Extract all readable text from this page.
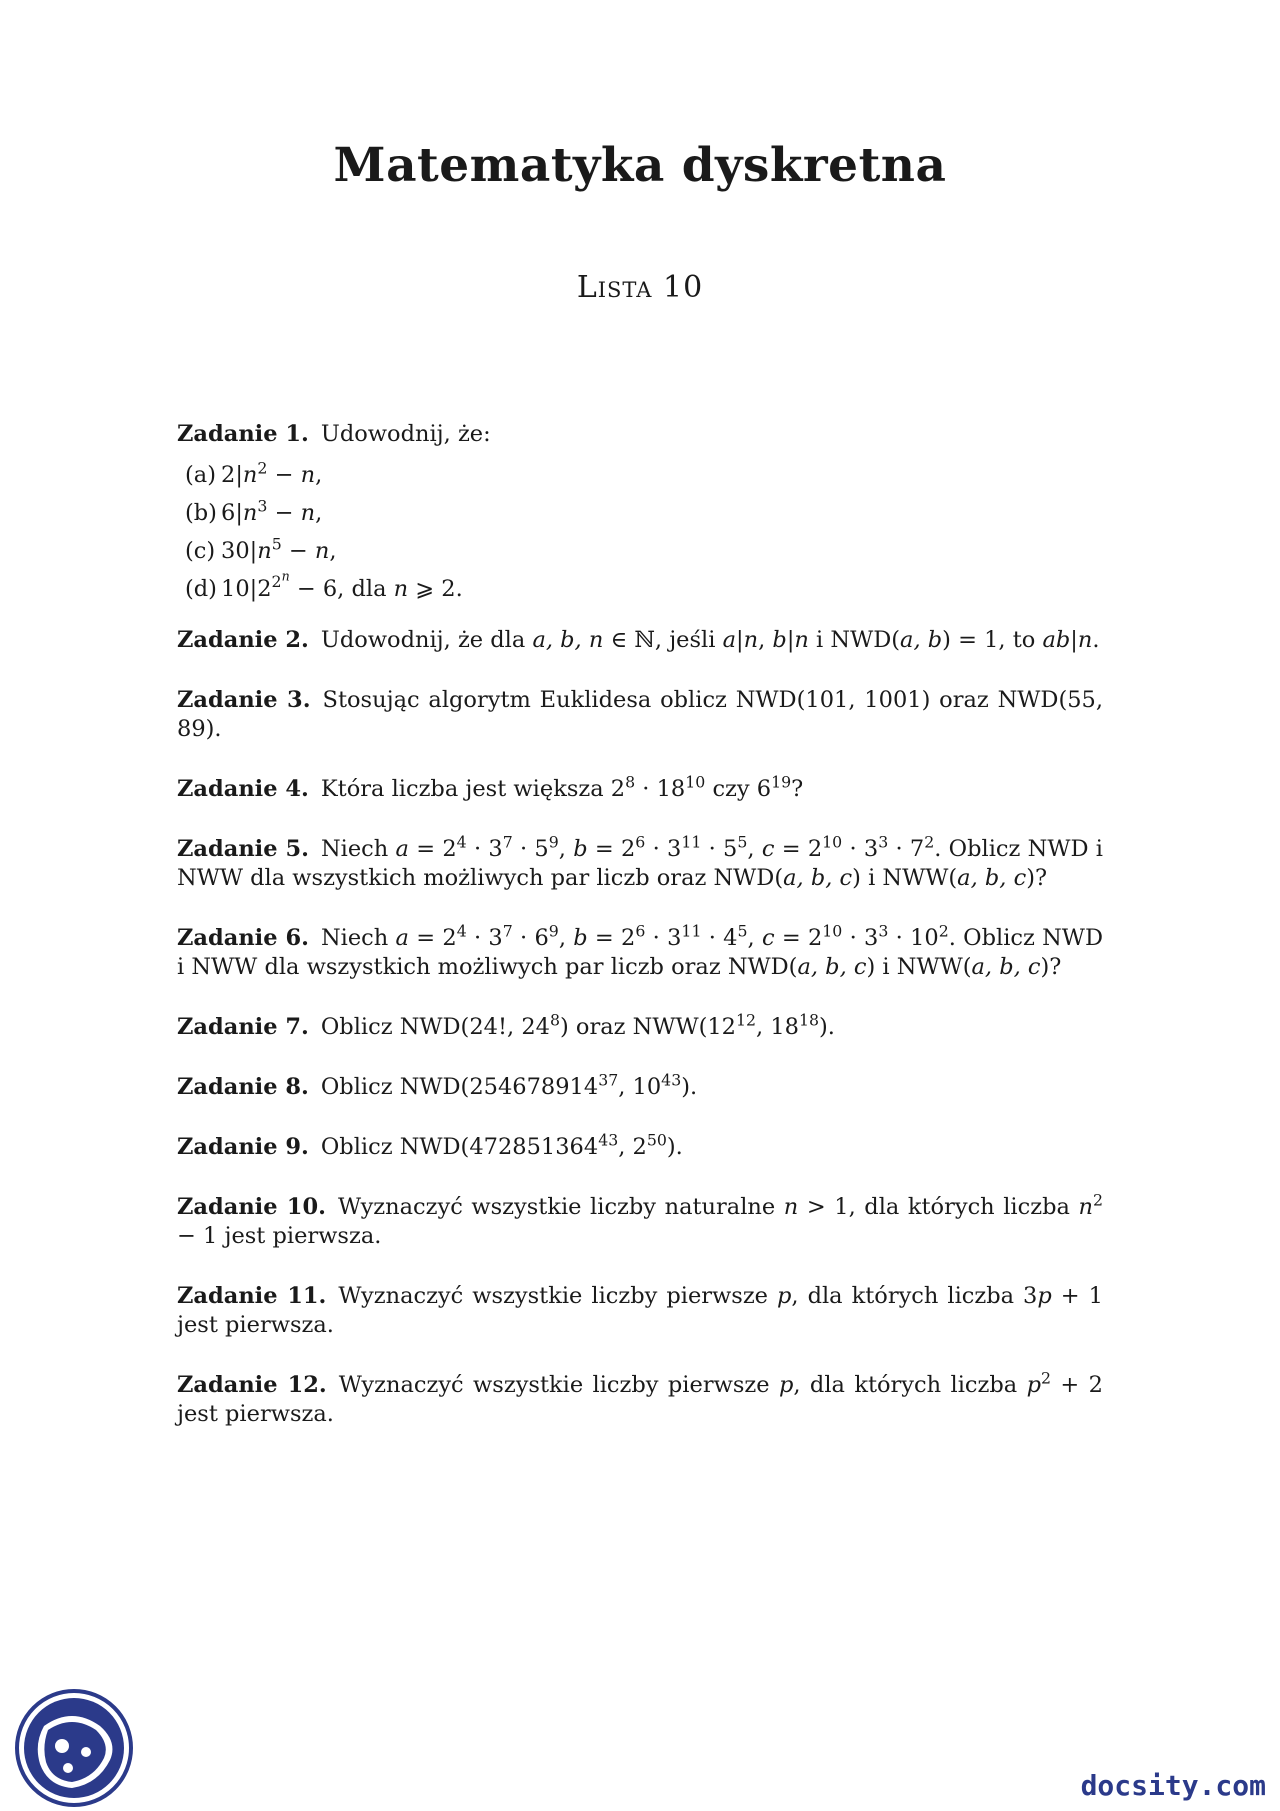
Matematyka dyskretna
Lista 10
Zadanie 1. Udowodnij, że:
(a) $2|n^2 - n$,
(b) $6|n^3 - n$,
(c) $30|n^5 - n$,
(d) $10|2^{2^n} - 6$, dla n ⩾ 2.
Zadanie 2. Udowodnij, że dla a, b, n ∈ ℕ, jeśli a|n, b|n i NWD(a, b) = 1, to ab|n.
Zadanie 3. Stosując algorytm Euklidesa oblicz NWD(101, 1001) oraz NWD(55, 89).
Zadanie 4. Która liczba jest większa $2^8 \cdot 18^{10}$ czy $6^{19}$?
Zadanie 5. Niech $a = 2^4 \cdot 3^7 \cdot 5^9$, $b = 2^6 \cdot 3^{11} \cdot 5^5$, $c = 2^{10} \cdot 3^3 \cdot 7^2$. Oblicz NWD i NWW dla wszystkich możliwych par liczb oraz NWD(a, b, c) i NWW(a, b, c)?
Zadanie 6. Niech $a = 2^4 \cdot 3^7 \cdot 6^9$, $b = 2^6 \cdot 3^{11} \cdot 4^5$, $c = 2^{10} \cdot 3^3 \cdot 10^2$. Oblicz NWD i NWW dla wszystkich możliwych par liczb oraz NWD(a, b, c) i NWW(a, b, c)?
Zadanie 7. Oblicz NWD(24!, $24^8$) oraz $NWW(12^{12}$, $18^{18}$).
Zadanie 8. Oblicz NWD(254678914$^{37}$, $10^{43}$).
Zadanie 9. Oblicz NWD(472851364$^{43}$, $2^{50}$).
Zadanie 10. Wyznaczyć wszystkie liczby naturalne n > 1, dla których liczba $n^2 - 1$ jest pierwsza.
Zadanie 11. Wyznaczyć wszystkie liczby pierwsze p, dla których liczba 3p + 1 jest pierwsza.
Zadanie 12. Wyznaczyć wszystkie liczby pierwsze p, dla których liczba $p^2 + 2$ jest pierwsza.
docsity.com
